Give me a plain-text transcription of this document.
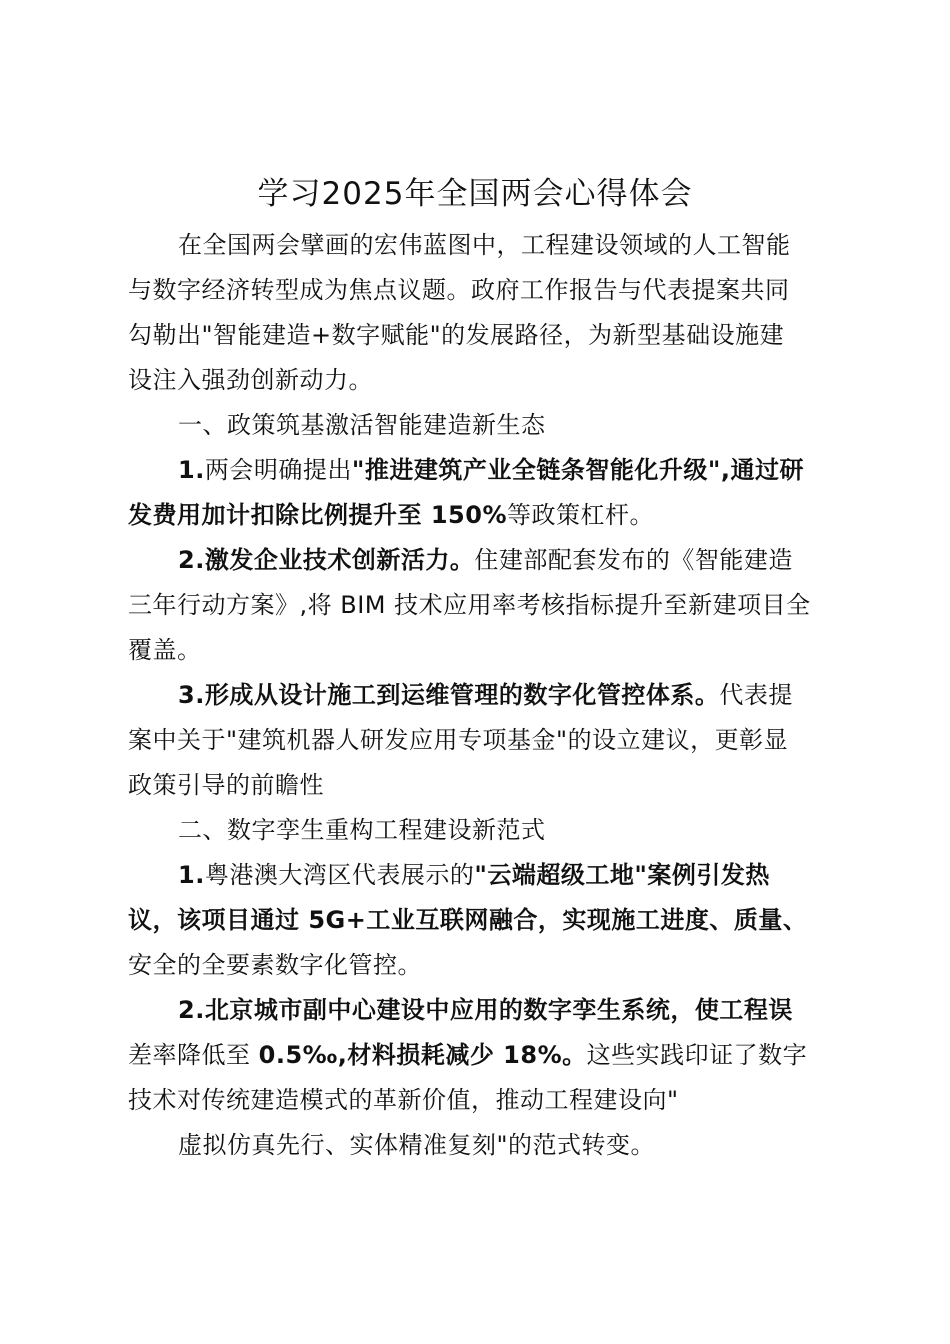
学习2025年全国两会心得体会
在全国两会擘画的宏伟蓝图中，工程建设领域的人工智能
与数字经济转型成为焦点议题。政府工作报告与代表提案共同
勾勒出"智能建造+数字赋能"的发展路径，为新型基础设施建
设注入强劲创新动力。
一、政策筑基激活智能建造新生态
1.两会明确提出"推进建筑产业全链条智能化升级",通过研
发费用加计扣除比例提升至 150%等政策杠杆。
2.激发企业技术创新活力。住建部配套发布的《智能建造
三年行动方案》,将 BIM 技术应用率考核指标提升至新建项目全
覆盖。
3.形成从设计施工到运维管理的数字化管控体系。代表提
案中关于"建筑机器人研发应用专项基金"的设立建议，更彰显
政策引导的前瞻性
二、数字孪生重构工程建设新范式
1.粤港澳大湾区代表展示的"云端超级工地"案例引发热
议，该项目通过 5G+工业互联网融合，实现施工进度、质量、
安全的全要素数字化管控。
2.北京城市副中心建设中应用的数字孪生系统，使工程误
差率降低至 0.5‰,材料损耗减少 18%。这些实践印证了数字
技术对传统建造模式的革新价值，推动工程建设向"
虚拟仿真先行、实体精准复刻"的范式转变。
